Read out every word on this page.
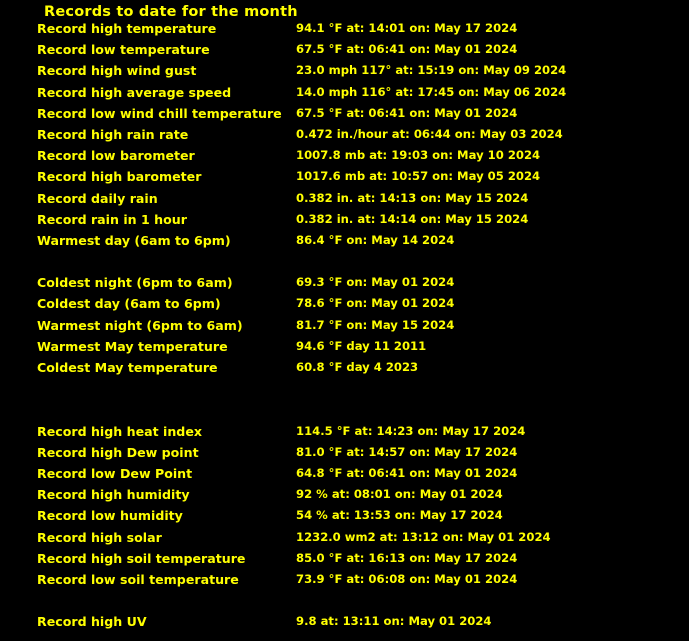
Records to date for the month
Record high temperature	94.1 °F at: 14:01 on: May 17 2024
Record low temperature	67.5 °F at: 06:41 on: May 01 2024
Record high wind gust	23.0 mph 117° at: 15:19 on: May 09 2024
Record high average speed	14.0 mph 116° at: 17:45 on: May 06 2024
Record low wind chill temperature 67.5 °F at: 06:41 on: May 01 2024
Record high rain rate	0.472 in./hour at: 06:44 on: May 03 2024
Record low barometer	1007.8 mb at: 19:03 on: May 10 2024
Record high barometer	1017.6 mb at: 10:57 on: May 05 2024
Record daily rain	0.382 in. at: 14:13 on: May 15 2024
Record rain in 1 hour	0.382 in. at: 14:14 on: May 15 2024
Warmest day (6am to 6pm)	86.4 °F on: May 14 2024
Coldest night (6pm to 6am)	69.3 °F on: May 01 2024
Coldest day (6am to 6pm)	78.6 °F on: May 01 2024
Warmest night (6pm to 6am)	81.7 °F on: May 15 2024
Warmest May temperature	94.6 °F day 11 2011
Coldest May temperature	60.8 °F day 4 2023
Record high heat index	114.5 °F at: 14:23 on: May 17 2024
Record high Dew point	81.0 °F at: 14:57 on: May 17 2024
Record low Dew Point	64.8 °F at: 06:41 on: May 01 2024
Record high humidity	92 % at: 08:01 on: May 01 2024
Record low humidity	54 % at: 13:53 on: May 17 2024
Record high solar	1232.0 wm2 at: 13:12 on: May 01 2024
Record high soil temperature	85.0 °F at: 16:13 on: May 17 2024
Record low soil temperature	73.9 °F at: 06:08 on: May 01 2024
Record high UV	9.8 at: 13:11 on: May 01 2024
